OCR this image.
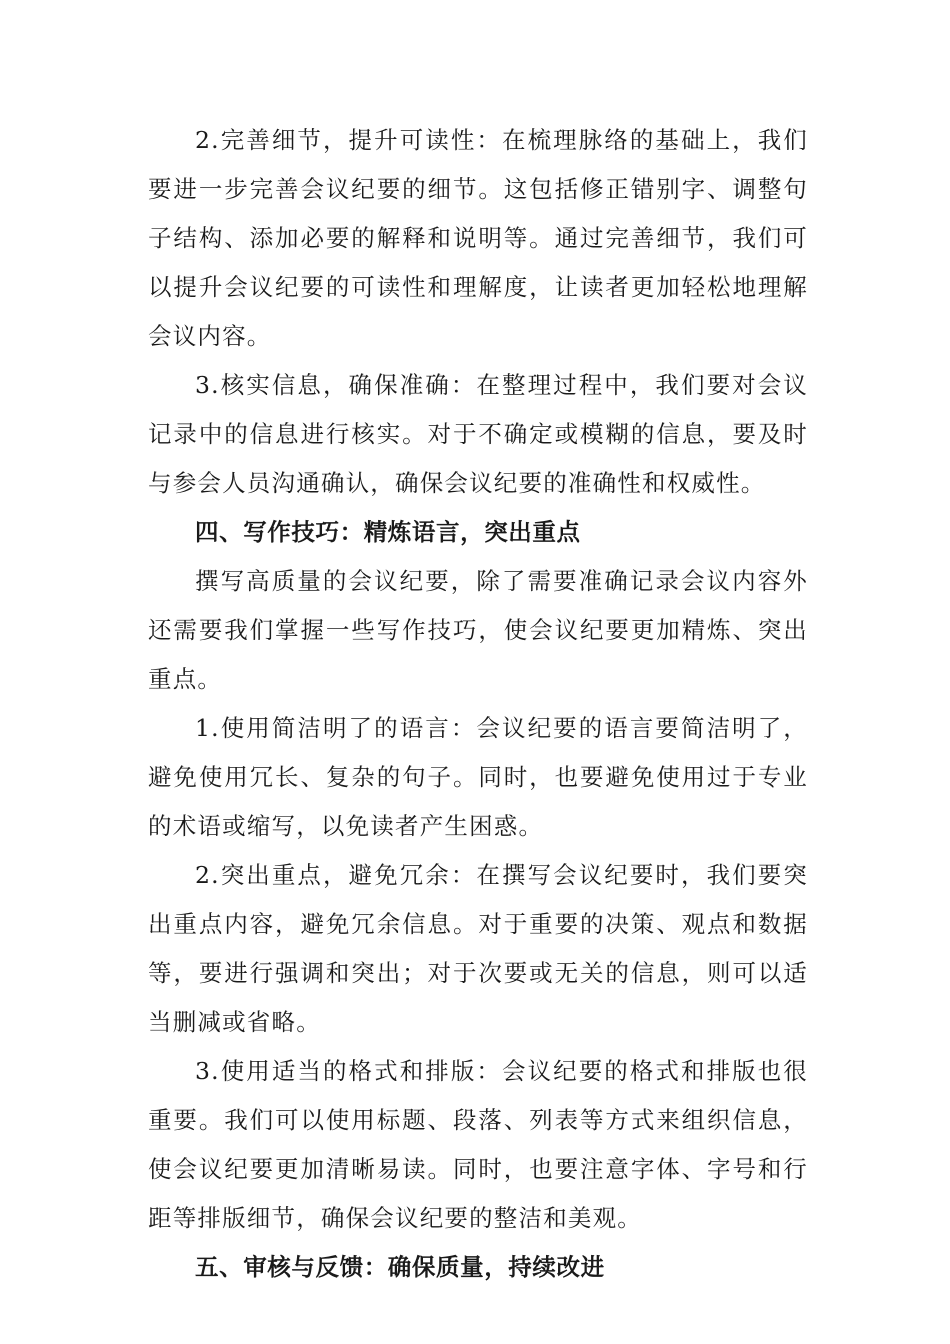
2.完善细节，提升可读性：在梳理脉络的基础上，我们要进一步完善会议纪要的细节。这包括修正错别字、调整句子结构、添加必要的解释和说明等。通过完善细节，我们可以提升会议纪要的可读性和理解度，让读者更加轻松地理解会议内容。

3.核实信息，确保准确：在整理过程中，我们要对会议记录中的信息进行核实。对于不确定或模糊的信息，要及时与参会人员沟通确认，确保会议纪要的准确性和权威性。

四、写作技巧：精炼语言，突出重点

撰写高质量的会议纪要，除了需要准确记录会议内容外还需要我们掌握一些写作技巧，使会议纪要更加精炼、突出重点。

1.使用简洁明了的语言：会议纪要的语言要简洁明了，避免使用冗长、复杂的句子。同时，也要避免使用过于专业的术语或缩写，以免读者产生困惑。

2.突出重点，避免冗余：在撰写会议纪要时，我们要突出重点内容，避免冗余信息。对于重要的决策、观点和数据等，要进行强调和突出；对于次要或无关的信息，则可以适当删减或省略。

3.使用适当的格式和排版：会议纪要的格式和排版也很重要。我们可以使用标题、段落、列表等方式来组织信息，使会议纪要更加清晰易读。同时，也要注意字体、字号和行距等排版细节，确保会议纪要的整洁和美观。

五、审核与反馈：确保质量，持续改进
